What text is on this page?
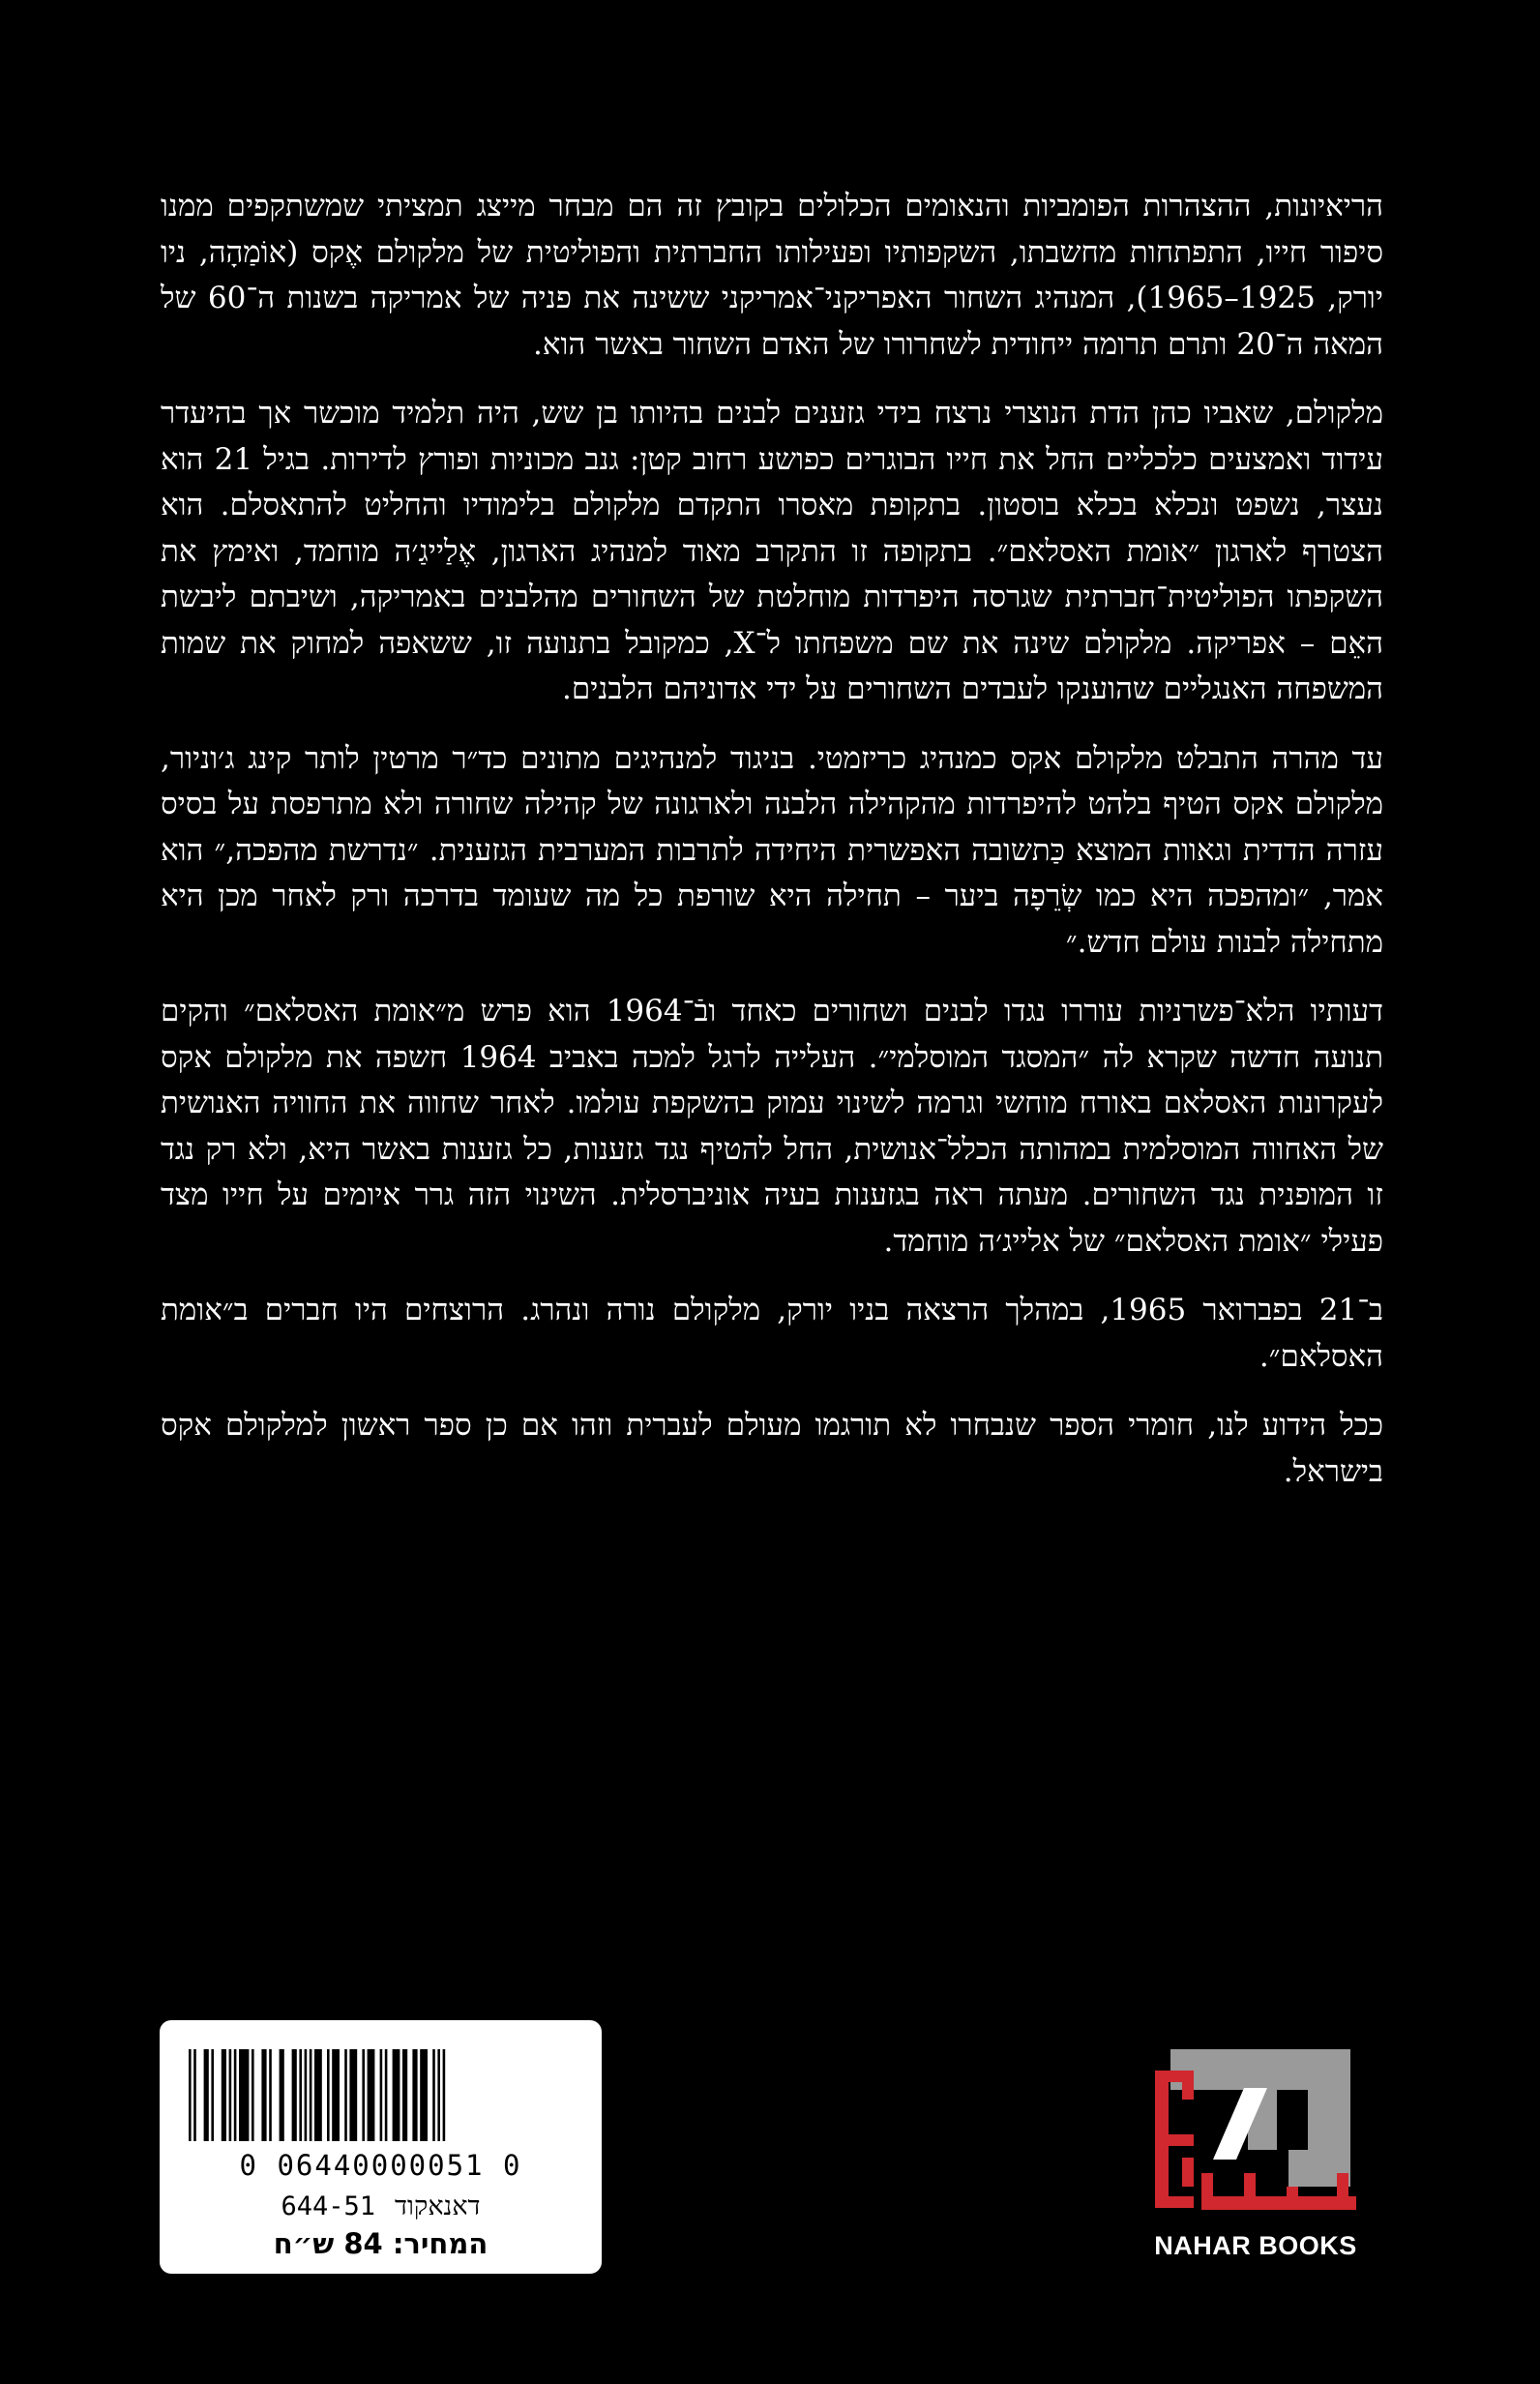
הריאיונות, ההצהרות הפומביות והנאומים הכלולים בקובץ זה הם מבחר מייצג תמציתי שמשתקפים ממנו סיפור חייו, התפתחות מחשבתו, השקפותיו ופעילותו החברתית והפוליטית של מלקולם אֶקס (אוֹמַהָה, ניו יורק, 1925–1965), המנהיג השחור האפריקני־אמריקני ששינה את פניה של אמריקה בשנות ה־60 של המאה ה־20 ותרם תרומה ייחודית לשחרורו של האדם השחור באשר הוא.

מלקולם, שאביו כהן הדת הנוצרי נרצח בידי גזענים לבנים בהיותו בן שש, היה תלמיד מוכשר אך בהיעדר עידוד ואמצעים כלכליים החל את חייו הבוגרים כפושע רחוב קטן: גנב מכוניות ופורץ לדירות. בגיל 21 הוא נעצר, נשפט ונכלא בכלא בוסטון. בתקופת מאסרו התקדם מלקולם בלימודיו והחליט להתאסלם. הוא הצטרף לארגון ״אומת האסלאם״. בתקופה זו התקרב מאוד למנהיג הארגון, אֶלַייגַ׳ה מוחמד, ואימץ את השקפתו הפוליטית־חברתית שגרסה היפרדות מוחלטת של השחורים מהלבנים באמריקה, ושיבתם ליבשת האֵם – אפריקה. מלקולם שינה את שם משפחתו ל־X, כמקובל בתנועה זו, ששאפה למחוק את שמות המשפחה האנגליים שהוענקו לעבדים השחורים על ידי אדוניהם הלבנים.

עד מהרה התבלט מלקולם אקס כמנהיג כריזמטי. בניגוד למנהיגים מתונים כד״ר מרטין לותר קינג ג׳וניור, מלקולם אקס הטיף בלהט להיפרדות מהקהילה הלבנה ולארגונה של קהילה שחורה ולא מתרפסת על בסיס עזרה הדדית וגאוות המוצא כַּתשובה האפשרית היחידה לתרבות המערבית הגזענית. ״נדרשת מהפכה,״ הוא אמר, ״ומהפכה היא כמו שְׂרֵפָה ביער – תחילה היא שורפת כל מה שעומד בדרכה ורק לאחר מכן היא מתחילה לבנות עולם חדש.״

דעותיו הלא־פשרניות עוררו נגדו לבנים ושחורים כאחד ובֿ־1964 הוא פרש מ״אומת האסלאם״ והקים תנועה חדשה שקרא לה ״המסגד המוסלמי״. העלייה לרגל למכה באביב 1964 חשפה את מלקולם אקס לעקרונות האסלאם באורח מוחשי וגרמה לשינוי עמוק בהשקפת עולמו. לאחר שחווה את החוויה האנושית של האחווה המוסלמית במהותה הכלל־אנושית, החל להטיף נגד גזענות, כל גזענות באשר היא, ולא רק נגד זו המופנית נגד השחורים. מעתה ראה בגזענות בעיה אוניברסלית. השינוי הזה גרר איומים על חייו מצד פעילי ״אומת האסלאם״ של אלייג׳ה מוחמד.

ב־21 בפברואר 1965, במהלך הרצאה בניו יורק, מלקולם נורה ונהרג. הרוצחים היו חברים ב״אומת האסלאם״.

ככל הידוע לנו, חומרי הספר שנבחרו לא תורגמו מעולם לעברית וזהו אם כן ספר ראשון למלקולם אקס בישראל.

0 06440000051 0
דאנאקוד644-51
המחיר: 84 ש״ח	NAHAR BOOKS
